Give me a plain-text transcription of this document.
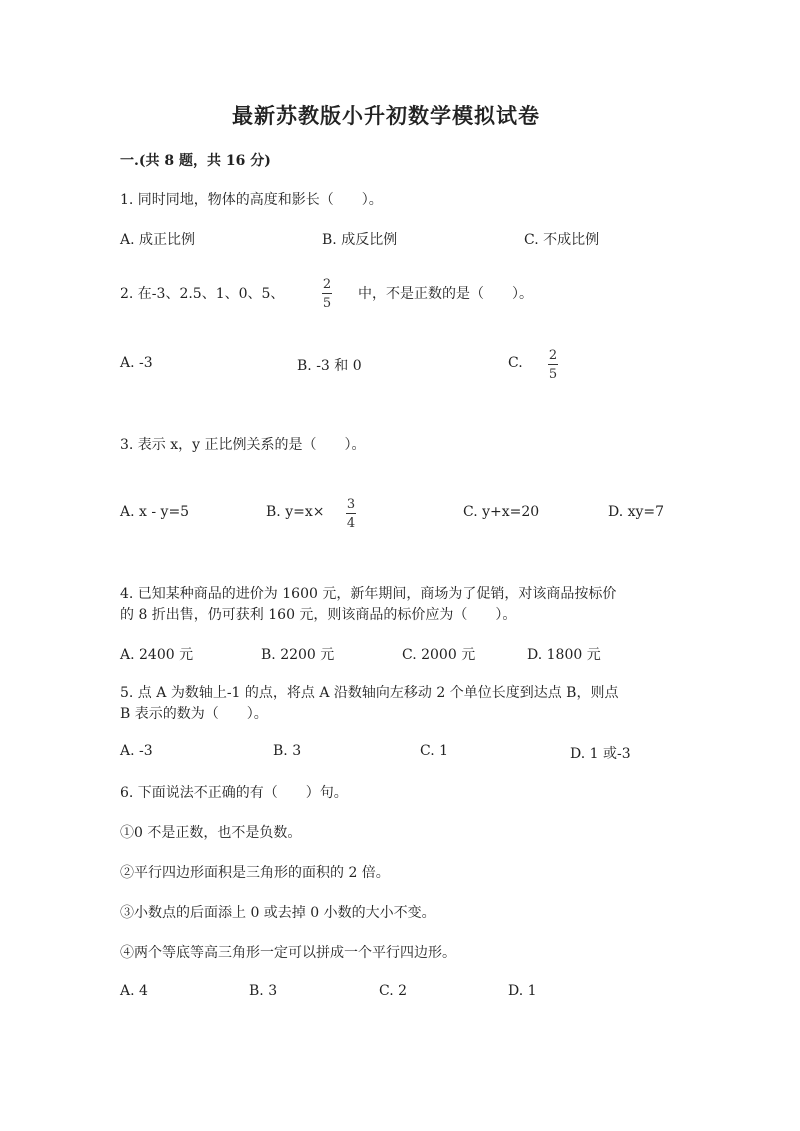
最新苏教版小升初数学模拟试卷
一.(共 8 题，共 16 分)
1. 同时同地，物体的高度和影长（　　）。
A. 成正比例	B. 成反比例	C. 不成比例
2. 在-3、2.5、1、0、5、
2
5
中，不是正数的是（　　）。
A. -3	B. -3 和 0	C. 2
5
3. 表示 x，y 正比例关系的是（　　）。
A. x - y=5	B. y=x× 3
4
C. y+x=20	D. xy=7
4. 已知某种商品的进价为 1600 元，新年期间，商场为了促销，对该商品按标价
的 8 折出售，仍可获利 160 元，则该商品的标价应为（　　）。
A. 2400 元	B. 2200 元	C. 2000 元	D. 1800 元
5. 点 A 为数轴上-1 的点，将点 A 沿数轴向左移动 2 个单位长度到达点 B，则点
B 表示的数为（　　）。
A. -3	B. 3	C. 1	D. 1 或-3
6. 下面说法不正确的有（　　）句。
①0 不是正数，也不是负数。
②平行四边形面积是三角形的面积的 2 倍。
③小数点的后面添上 0 或去掉 0 小数的大小不变。
④两个等底等高三角形一定可以拼成一个平行四边形。
A. 4	B. 3	C. 2	D. 1
